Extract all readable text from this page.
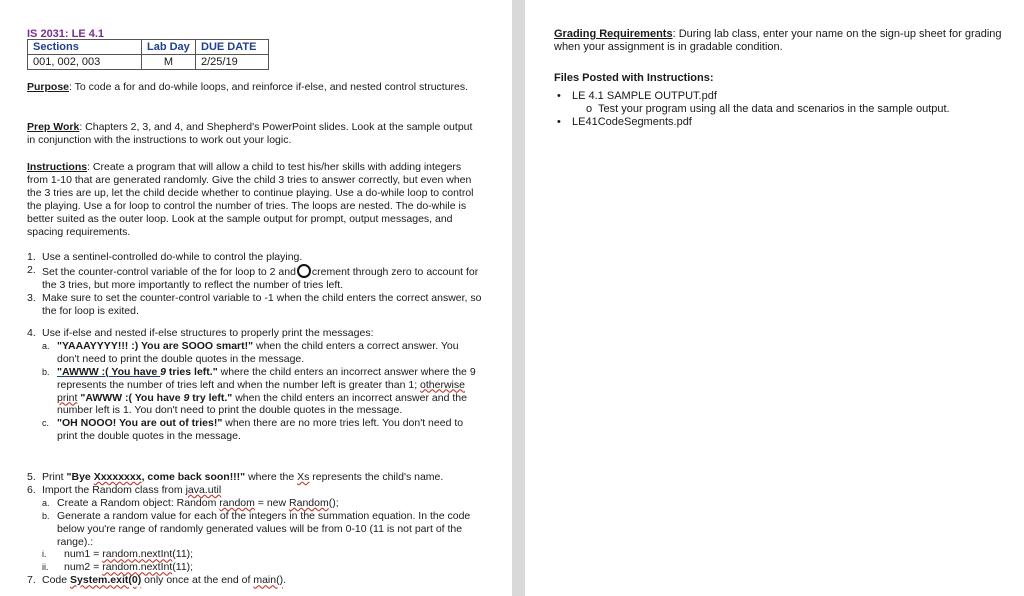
IS 2031: LE 4.1
Sections	Lab Day	DUE DATE
001, 002, 003	M	2/25/19
Purpose: To code a for and do-while loops, and reinforce if-else, and nested control structures.
Prep Work: Chapters 2, 3, and 4, and Shepherd's PowerPoint slides. Look at the sample output in conjunction with the instructions to work out your logic.
Instructions: Create a program that will allow a child to test his/her skills with adding integers from 1-10 that are generated randomly. Give the child 3 tries to answer correctly, but even when the 3 tries are up, let the child decide whether to continue playing. Use a do-while loop to control the playing. Use a for loop to control the number of tries. The loops are nested. The do-while is better suited as the outer loop. Look at the sample output for prompt, output messages, and spacing requirements.
1. Use a sentinel-controlled do-while to control the playing.
2. Set the counter-control variable of the for loop to 2 and crement through zero to account for the 3 tries, but more importantly to reflect the number of tries left.
3. Make sure to set the counter-control variable to -1 when the child enters the correct answer, so the for loop is exited.
4. Use if-else and nested if-else structures to properly print the messages:
a. "YAAAYYYY!!! :) You are SOOO smart!" when the child enters a correct answer. You don't need to print the double quotes in the message.
b. "AWWW :( You have 9 tries left." where the child enters an incorrect answer where the 9 represents the number of tries left and when the number left is greater than 1; otherwise print "AWWW :( You have 9 try left." when the child enters an incorrect answer and the number left is 1. You don't need to print the double quotes in the message.
c. "OH NOOO! You are out of tries!" when there are no more tries left. You don't need to print the double quotes in the message.
5. Print "Bye Xxxxxxxx, come back soon!!!" where the Xs represents the child's name.
6. Import the Random class from java.util
a. Create a Random object: Random random = new Random();
b. Generate a random value for each of the integers in the summation equation. In the code below you're range of randomly generated values will be from 0-10 (11 is not part of the range).:
i.	num1 = random.nextInt(11);
ii.	num2 = random.nextInt(11);
7. Code System.exit(0) only once at the end of main().
Grading Requirements: During lab class, enter your name on the sign-up sheet for grading when your assignment is in gradable condition.
Files Posted with Instructions:
•	LE 4.1 SAMPLE OUTPUT.pdf
o Test your program using all the data and scenarios in the sample output.
•	LE41CodeSegments.pdf
